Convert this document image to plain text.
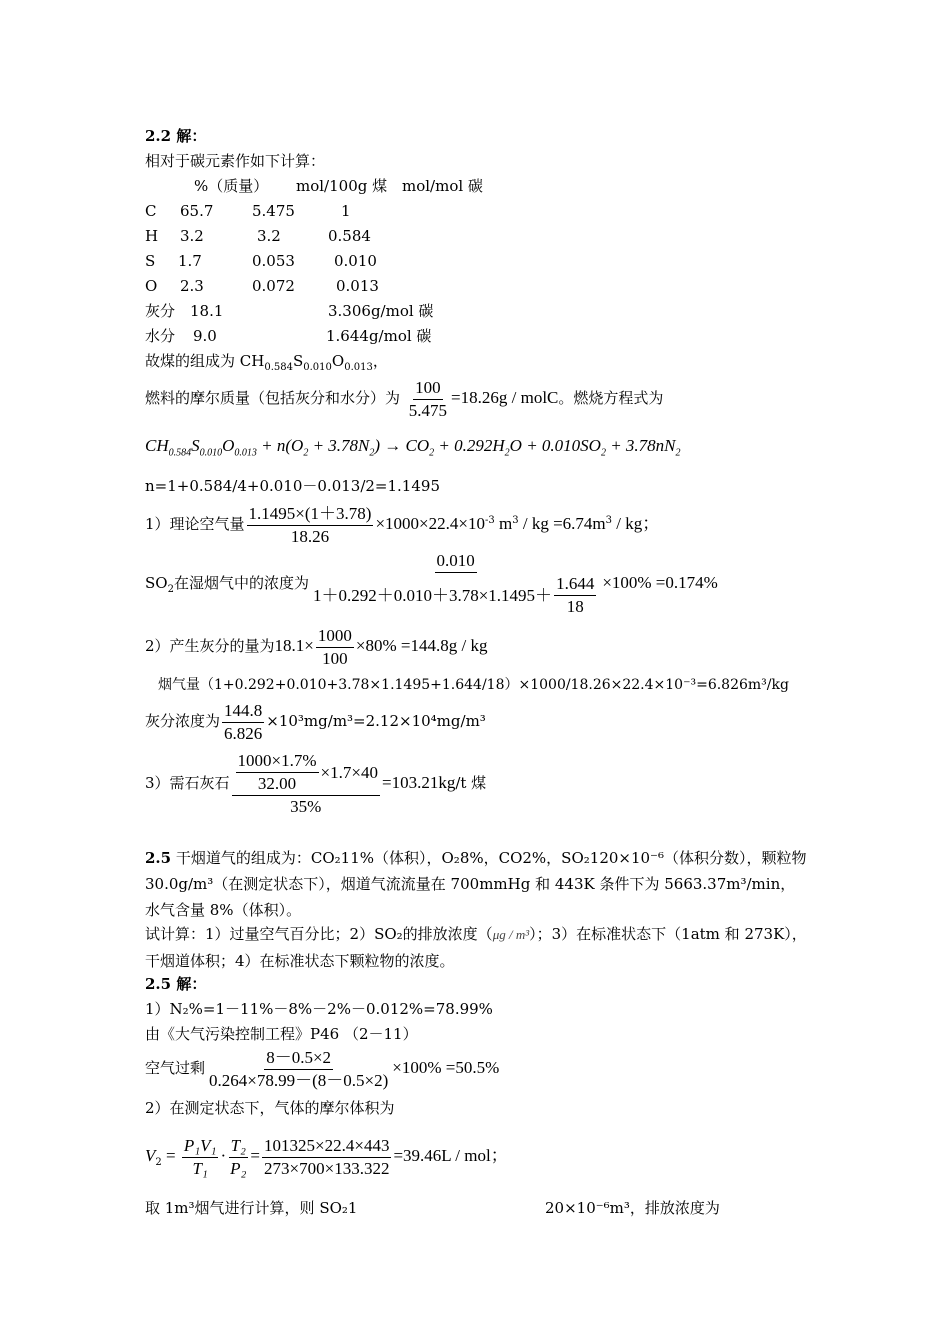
2.2 解：
相对于碳元素作如下计算：
%（质量） mol/100g 煤 mol/mol 碳
C 65.7	5.475	1
H 3.2	3.2	0.584
S 1.7	0.053	0.010
O 2.3	0.072	0.013
灰分 18.1	3.306g/mol 碳
水分 9.0	1.644g/mol 碳
故煤的组成为 $CH_{0.584}S_{0.010}O_{0.013}$，
燃料的摩尔质量（包括灰分和水分）为 $\frac{100}{5.475} =18.26g$ / molC。燃烧方程式为
$CH_{0.584}S_{0.010}O_{0.013} + n(O_2 + 3.78N_2) \to CO_2 + 0.292H_2O + 0.010SO_2 + 3.78nN_2$
n=1+0.584/4+0.010－0.013/2=1.1495
1）理论空气量 $\frac{1.1495\times(1+3.78)}{18.26} \times 1000\times 22.4\times 10^{-3}$ $m^3$ / kg $=6.74m^3$ / kg；
$SO_2$在湿烟气中的浓度为 $\frac{0.010}{1+0.292+0.010+3.78\times 1.1495+ \frac{1.644}{18}} \times 100\% =0.174\%$
2）产生灰分的量为$18.1\times \frac{1000}{100} \times 80\% =144.8g$ / kg
烟气量（1+0.292+0.010+3.78×1.1495+1.644/18）×1000/18.26×22.4×10⁻³=6.826m³/kg
灰分浓度为 $\frac{144.8}{6.826} \times 10^3mg/m^3=2.12\times 10^4mg/m^3$
3）需石灰石 $\frac{\frac{1000\times 1.7\%}{32.00} \times 1.7\times 40}{35\%} =103.21kg/t$ 煤
2.5 干烟道气的组成为：CO₂11%（体积），O₂8%，CO2%，SO₂120×10⁻⁶（体积分数），颗粒物30.0g/m³（在测定状态下），烟道气流流量在 700mmHg 和 443K 条件下为 5663.37m³/min，水气含量 8%（体积）。
试计算：1）过量空气百分比；2）SO₂的排放浓度（μg / m³）；3）在标准状态下（1atm 和 273K），干烟道体积；4）在标准状态下颗粒物的浓度。
2.5 解：
1）N₂%=1－11%－8%－2%－0.012%=78.99%
由《大气污染控制工程》P46 （2－11）
空气过剩 $\frac{8-0.5\times 2}{0.264\times 78.99-(8-0.5\times 2)} \times 100\% =50.5\%$
2）在测定状态下，气体的摩尔体积为
$V_2 = \frac{\text{P₁V₁}}{\text{T₁}} \cdot \frac{\text{T₂}}{\text{P₂}} = \frac{101325\times 22.4\times 443}{273\times 700\times 133.322} =39.46L$ / mol；
取 1m³烟气进行计算，则 SO₂1	20×10⁻⁶m³，排放浓度为
